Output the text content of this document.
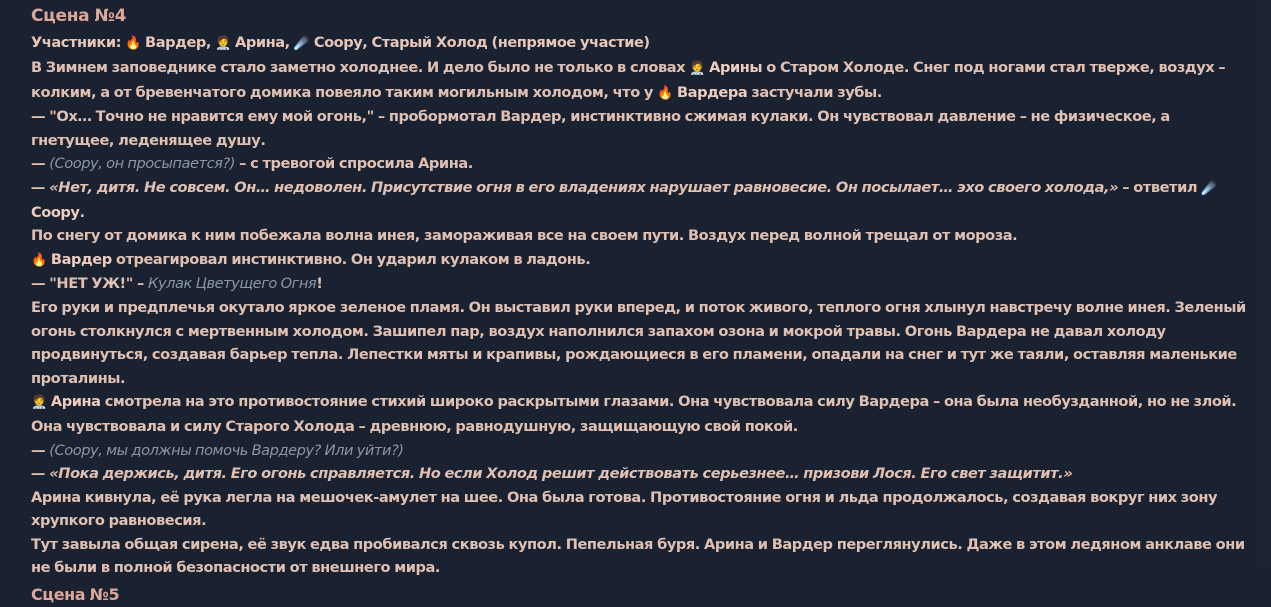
Сцена №4
Участники: 🔥 Вардер, 🧑‍⚕️ Арина, ☄️ Соору, Старый Холод (непрямое участие)
В Зимнем заповеднике стало заметно холоднее. И дело было не только в словах 🧑‍⚕️ Арины о Старом Холоде. Снег под ногами стал тверже, воздух – колким, а от бревенчатого домика повеяло таким могильным холодом, что у 🔥 Вардера застучали зубы.
— "Ох… Точно не нравится ему мой огонь," – пробормотал Вардер, инстинктивно сжимая кулаки. Он чувствовал давление – не физическое, а гнетущее, леденящее душу.
— (Соору, он просыпается?) – с тревогой спросила Арина.
— «Нет, дитя. Не совсем. Он… недоволен. Присутствие огня в его владениях нарушает равновесие. Он посылает… эхо своего холода,» – ответил ☄️ Соору.
По снегу от домика к ним побежала волна инея, замораживая все на своем пути. Воздух перед волной трещал от мороза.
🔥 Вардер отреагировал инстинктивно. Он ударил кулаком в ладонь.
— "НЕТ УЖ!" – Кулак Цветущего Огня!
Его руки и предплечья окутало яркое зеленое пламя. Он выставил руки вперед, и поток живого, теплого огня хлынул навстречу волне инея. Зеленый огонь столкнулся с мертвенным холодом. Зашипел пар, воздух наполнился запахом озона и мокрой травы. Огонь Вардера не давал холоду продвинуться, создавая барьер тепла. Лепестки мяты и крапивы, рождающиеся в его пламени, опадали на снег и тут же таяли, оставляя маленькие проталины.
🧑‍⚕️ Арина смотрела на это противостояние стихий широко раскрытыми глазами. Она чувствовала силу Вардера – она была необузданной, но не злой. Она чувствовала и силу Старого Холода – древнюю, равнодушную, защищающую свой покой.
— (Соору, мы должны помочь Вардеру? Или уйти?)
— «Пока держись, дитя. Его огонь справляется. Но если Холод решит действовать серьезнее… призови Лося. Его свет защитит.»
Арина кивнула, её рука легла на мешочек-амулет на шее. Она была готова. Противостояние огня и льда продолжалось, создавая вокруг них зону хрупкого равновесия.
Тут завыла общая сирена, её звук едва пробивался сквозь купол. Пепельная буря. Арина и Вардер переглянулись. Даже в этом ледяном анклаве они не были в полной безопасности от внешнего мира.
Сцена №5
